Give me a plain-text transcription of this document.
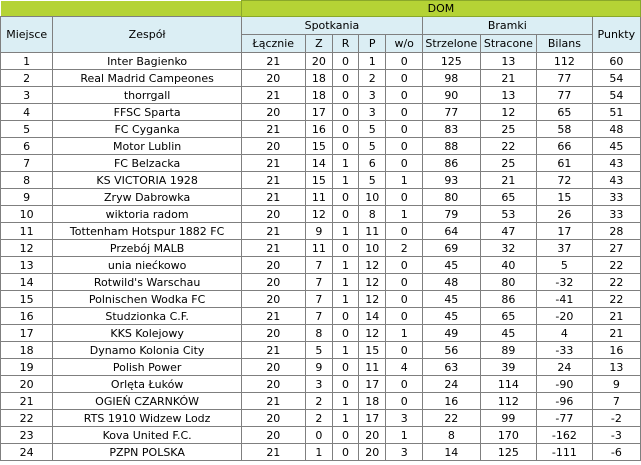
		DOM								
Miejsce	Zespół	Spotkania					Bramki			Punkty
		Łącznie	Z	R	P	w/o	Strzelone	Stracone	Bilans	
1	Inter Bagienko	21	20	0	1	0	125	13	112	60
2	Real Madrid Campeones	20	18	0	2	0	98	21	77	54
3	thorrgall	21	18	0	3	0	90	13	77	54
4	FFSC Sparta	20	17	0	3	0	77	12	65	51
5	FC Cyganka	21	16	0	5	0	83	25	58	48
6	Motor Lublin	20	15	0	5	0	88	22	66	45
7	FC Belzacka	21	14	1	6	0	86	25	61	43
8	KS VICTORIA 1928	21	15	1	5	1	93	21	72	43
9	Zryw Dabrowka	21	11	0	10	0	80	65	15	33
10	wiktoria radom	20	12	0	8	1	79	53	26	33
11	Tottenham Hotspur 1882 FC	21	9	1	11	0	64	47	17	28
12	Przebój MALB	21	11	0	10	2	69	32	37	27
13	unia niećkowo	20	7	1	12	0	45	40	5	22
14	Rotwild's Warschau	20	7	1	12	0	48	80	-32	22
15	Polnischen Wodka FC	20	7	1	12	0	45	86	-41	22
16	Studzionka C.F.	21	7	0	14	0	45	65	-20	21
17	KKS Kolejowy	20	8	0	12	1	49	45	4	21
18	Dynamo Kolonia City	21	5	1	15	0	56	89	-33	16
19	Polish Power	20	9	0	11	4	63	39	24	13
20	Orlęta Łuków	20	3	0	17	0	24	114	-90	9
21	OGIEŃ CZARNKÓW	21	2	1	18	0	16	112	-96	7
22	RTS 1910 Widzew Lodz	20	2	1	17	3	22	99	-77	-2
23	Kova United F.C.	20	0	0	20	1	8	170	-162	-3
24	PZPN POLSKA	21	1	0	20	3	14	125	-111	-6
